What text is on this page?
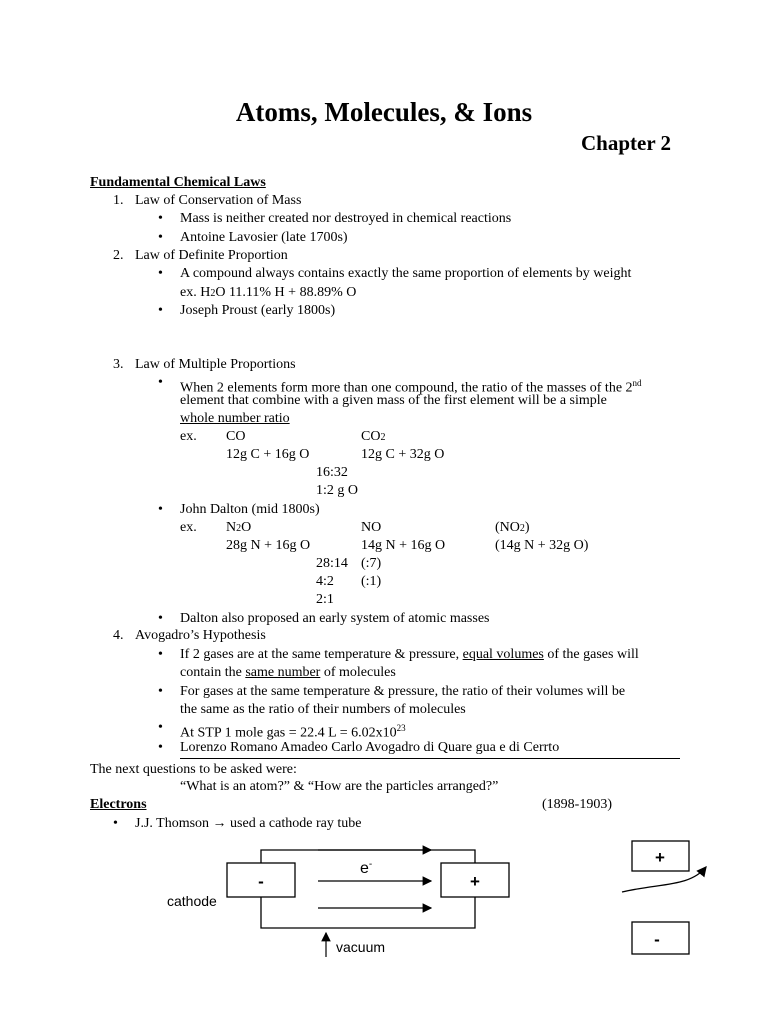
Atoms, Molecules, & Ions
Chapter 2
Fundamental Chemical Laws
1. Law of Conservation of Mass
• Mass is neither created nor destroyed in chemical reactions
• Antoine Lavosier (late 1700s)
2. Law of Definite Proportion
• A compound always contains exactly the same proportion of elements by weight
ex. H2O 11.11% H + 88.89% O
• Joseph Proust (early 1800s)
3. Law of Multiple Proportions
• When 2 elements form more than one compound, the ratio of the masses of the 2nd
element that combine with a given mass of the first element will be a simple
whole number ratio
ex. CO	CO2
12g C + 16g O	12g C + 32g O
16:32
1:2 g O
• John Dalton (mid 1800s)
ex. N2O	NO	(NO2)
28g N + 16g O	14g N + 16g O	(14g N + 32g O)
28:14 (:7)
4:2 (:1)
2:1
• Dalton also proposed an early system of atomic masses
4. Avogadro’s Hypothesis
• If 2 gases are at the same temperature & pressure, equal volumes of the gases will
contain the same number of molecules
• For gases at the same temperature & pressure, the ratio of their volumes will be
the same as the ratio of their numbers of molecules
• At STP 1 mole gas = 22.4 $L = 6.02x10^{23}$
• Lorenzo Romano Amadeo Carlo Avogadro di Quare gua e di Cerrto
The next questions to be asked were:
“What is an atom?” & “How are the particles arranged?”
Electrons	(1898-1903)
• J.J. Thomson → used a cathode ray tube
-	+
e-
cathode
vacuum
+
-
